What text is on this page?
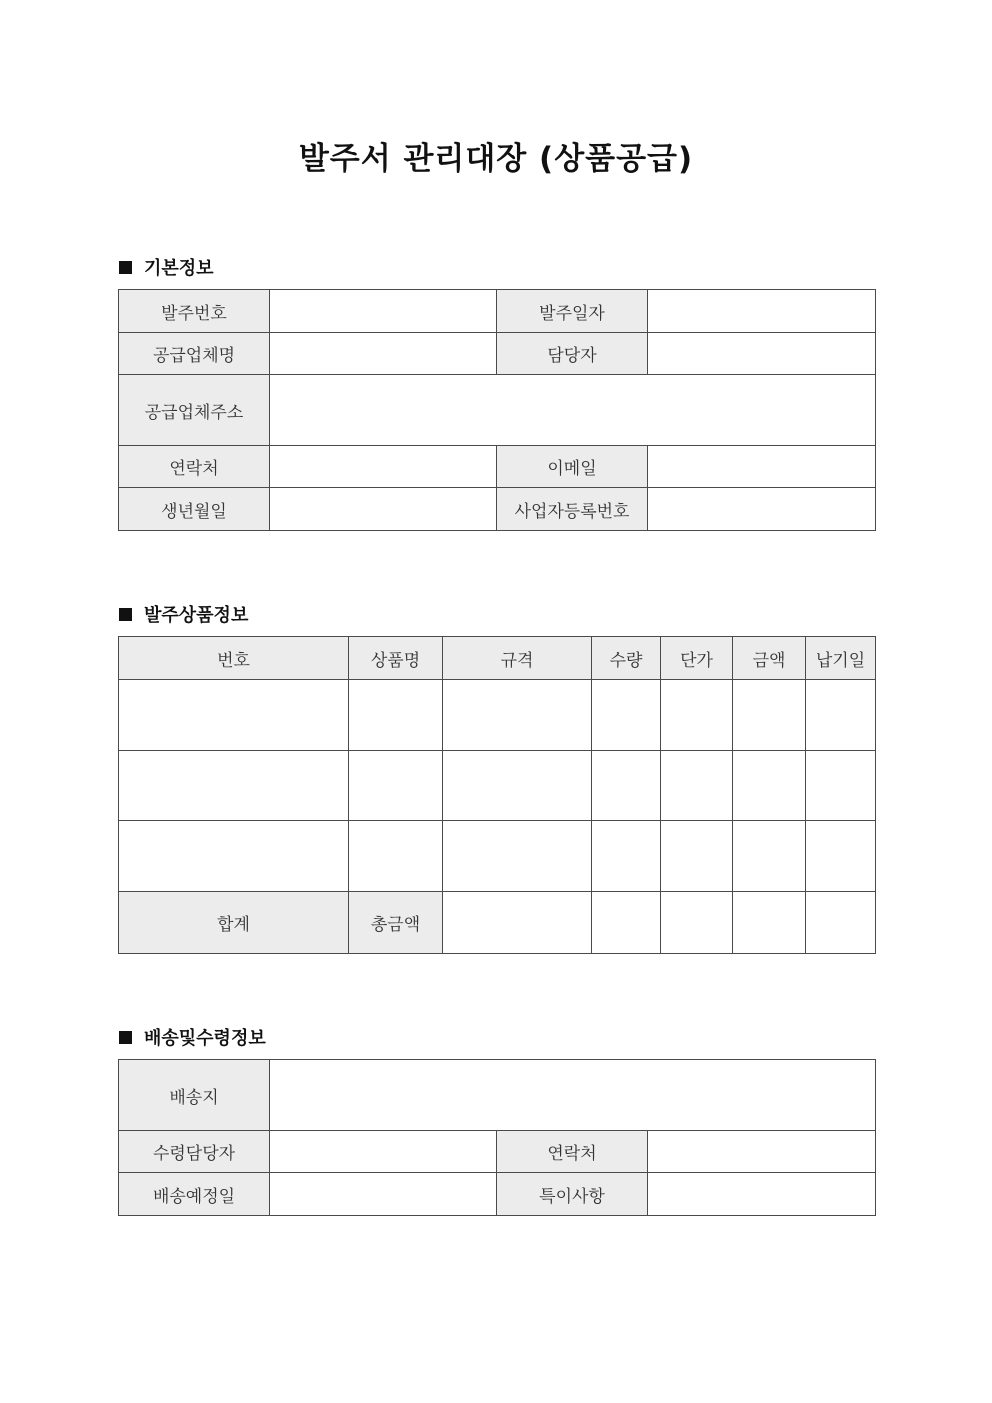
발주서 관리대장 (상품공급)
기본정보
발주번호		발주일자	
공급업체명		담당자	
공급업체주소			
연락처		이메일	
생년월일		사업자등록번호	
발주상품정보
번호	상품명	규격	수량	단가	금액	납기일

합계	총금액					
배송및수령정보
배송지			
수령담당자		연락처	
배송예정일		특이사항	
